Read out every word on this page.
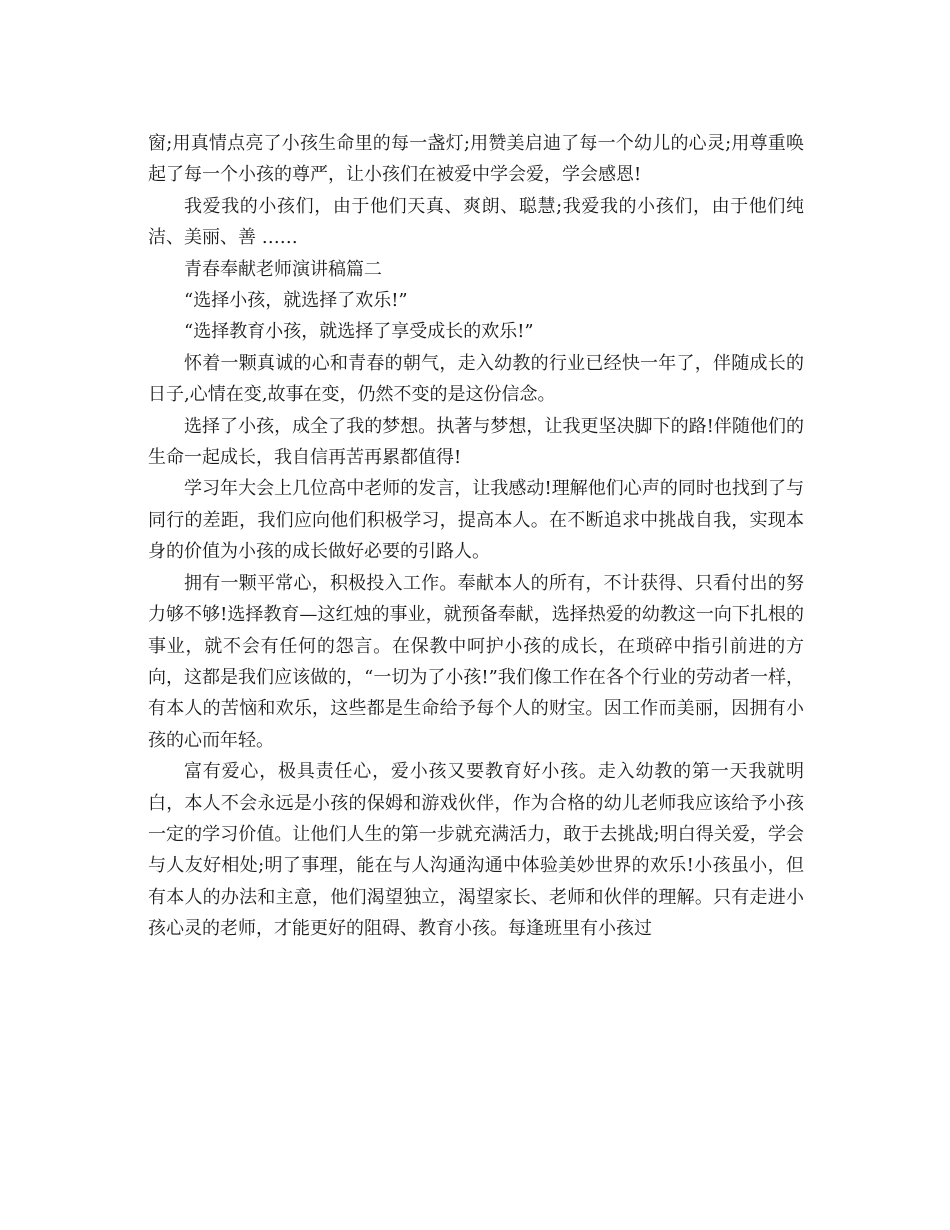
窗;用真情点亮了小孩生命里的每一盏灯;用赞美启迪了每一个幼儿的心灵;用尊重唤起了每一个小孩的尊严，让小孩们在被爱中学会爱，学会感恩!

我爱我的小孩们，由于他们天真、爽朗、聪慧;我爱我的小孩们，由于他们纯洁、美丽、善 ……

青春奉献老师演讲稿篇二

“选择小孩，就选择了欢乐!”

“选择教育小孩，就选择了享受成长的欢乐!”

怀着一颗真诚的心和青春的朝气，走入幼教的行业已经快一年了，伴随成长的日子,心情在变,故事在变，仍然不变的是这份信念。

选择了小孩，成全了我的梦想。执著与梦想，让我更坚决脚下的路!伴随他们的生命一起成长，我自信再苦再累都值得!

学习年大会上几位高中老师的发言，让我感动!理解他们心声的同时也找到了与同行的差距，我们应向他们积极学习，提高本人。在不断追求中挑战自我，实现本身的价值为小孩的成长做好必要的引路人。

拥有一颗平常心，积极投入工作。奉献本人的所有，不计获得、只看付出的努力够不够!选择教育—这红烛的事业，就预备奉献，选择热爱的幼教这一向下扎根的事业，就不会有任何的怨言。在保教中呵护小孩的成长，在琐碎中指引前进的方向，这都是我们应该做的，“一切为了小孩!”我们像工作在各个行业的劳动者一样，有本人的苦恼和欢乐，这些都是生命给予每个人的财宝。因工作而美丽，因拥有小孩的心而年轻。

富有爱心，极具责任心，爱小孩又要教育好小孩。走入幼教的第一天我就明白，本人不会永远是小孩的保姆和游戏伙伴，作为合格的幼儿老师我应该给予小孩一定的学习价值。让他们人生的第一步就充满活力，敢于去挑战;明白得关爱，学会与人友好相处;明了事理，能在与人沟通沟通中体验美妙世界的欢乐!小孩虽小，但有本人的办法和主意，他们渴望独立，渴望家长、老师和伙伴的理解。只有走进小孩心灵的老师，才能更好的阻碍、教育小孩。每逢班里有小孩过
